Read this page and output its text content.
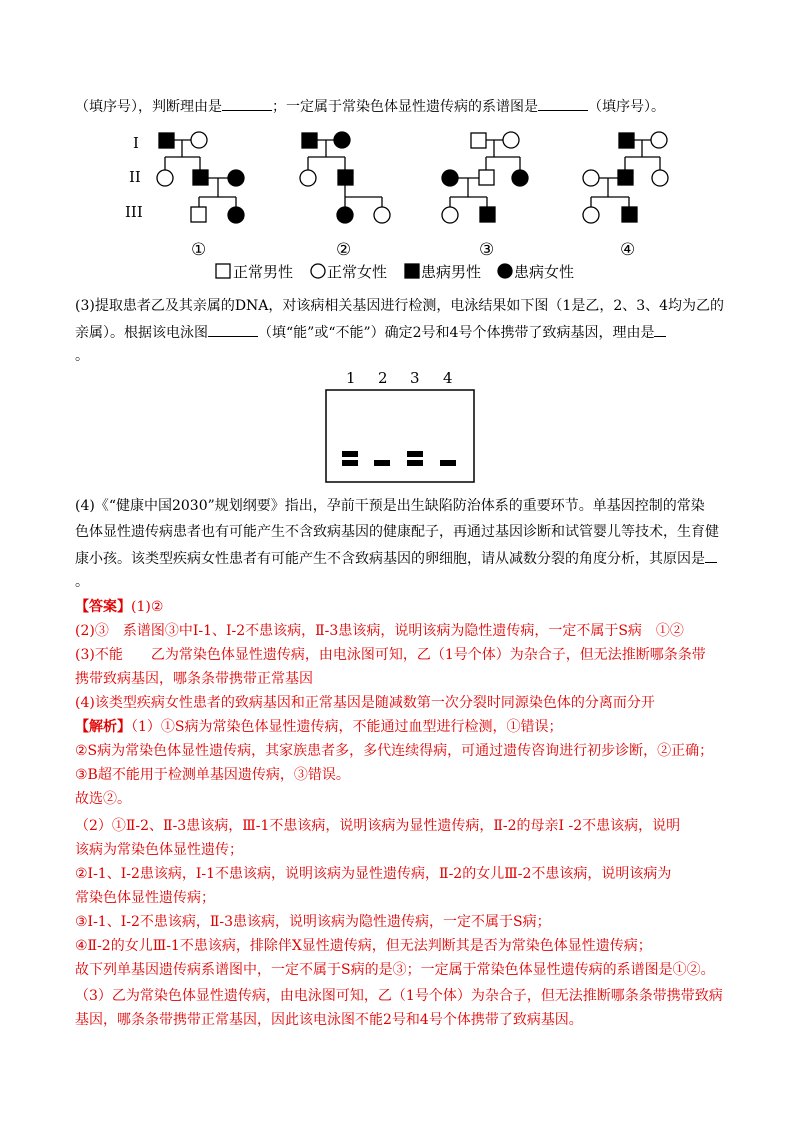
（填序号），判断理由是	；一定属于常染色体显性遗传病的系谱图是	（填序号）。
I
II
III
①	②	③	④
正常男性 正常女性 患病男性 患病女性
(3)提取患者乙及其亲属的DNA，对该病相关基因进行检测，电泳结果如下图（1是乙，2、3、4均为乙的
亲属）。根据该电泳图	（填“能”或“不能”）确定2号和4号个体携带了致病基因，理由是
。
1 2 3 4
(4)《“健康中国2030”规划纲要》指出，孕前干预是出生缺陷防治体系的重要环节。单基因控制的常染
色体显性遗传病患者也有可能产生不含致病基因的健康配子，再通过基因诊断和试管婴儿等技术，生育健
康小孩。该类型疾病女性患者有可能产生不含致病基因的卵细胞，请从减数分裂的角度分析，其原因是
。
【答案】(1)②
(2)③　系谱图③中Ⅰ-1、Ⅰ-2不患该病，Ⅱ-3患该病，说明该病为隐性遗传病，一定不属于S病　①②
(3)不能　　乙为常染色体显性遗传病，由电泳图可知，乙（1号个体）为杂合子，但无法推断哪条条带
携带致病基因，哪条条带携带正常基因
(4)该类型疾病女性患者的致病基因和正常基因是随减数第一次分裂时同源染色体的分离而分开
【解析】（1）①S病为常染色体显性遗传病，不能通过血型进行检测，①错误；
②S病为常染色体显性遗传病，其家族患者多，多代连续得病，可通过遗传咨询进行初步诊断，②正确；
③B超不能用于检测单基因遗传病，③错误。
故选②。
（2）①Ⅱ-2、Ⅱ-3患该病，Ⅲ-1不患该病，说明该病为显性遗传病，Ⅱ-2的母亲Ⅰ -2不患该病，说明
该病为常染色体显性遗传；
②Ⅰ-1、Ⅰ-2患该病，Ⅰ-1不患该病，说明该病为显性遗传病，Ⅱ-2的女儿Ⅲ-2不患该病，说明该病为
常染色体显性遗传病；
③Ⅰ-1、Ⅰ-2不患该病，Ⅱ-3患该病，说明该病为隐性遗传病，一定不属于S病；
④Ⅱ-2的女儿Ⅲ-1不患该病，排除伴X显性遗传病，但无法判断其是否为常染色体显性遗传病；
故下列单基因遗传病系谱图中，一定不属于S病的是③；一定属于常染色体显性遗传病的系谱图是①②。
（3）乙为常染色体显性遗传病，由电泳图可知，乙（1号个体）为杂合子，但无法推断哪条条带携带致病
基因，哪条条带携带正常基因，因此该电泳图不能2号和4号个体携带了致病基因。
